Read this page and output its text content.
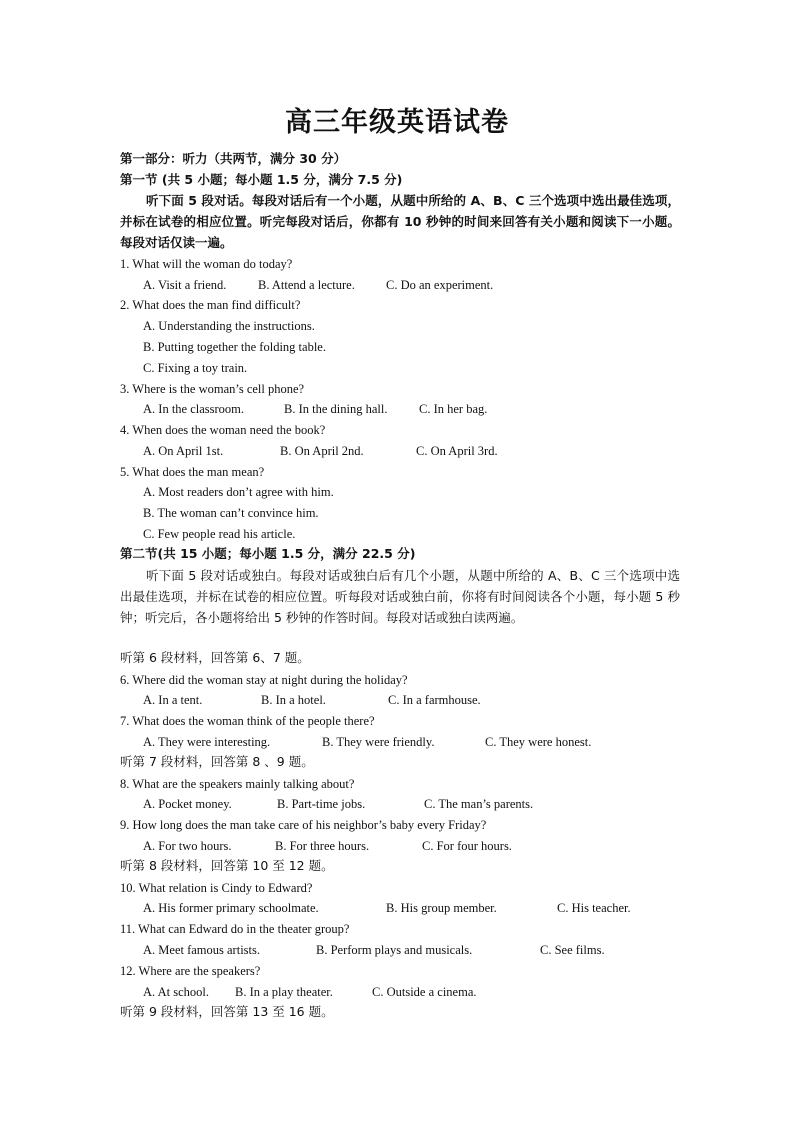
高三年级英语试卷
第一部分：听力（共两节，满分 30 分）
第一节 (共 5 小题；每小题 1.5 分，满分 7.5 分)
听下面 5 段对话。每段对话后有一个小题，从题中所给的 A、B、C 三个选项中选出最佳选项，并标在试卷的相应位置。听完每段对话后，你都有 10 秒钟的时间来回答有关小题和阅读下一小题。每段对话仅读一遍。
1. What will the woman do today?
A. Visit a friend.	B. Attend a lecture. C. Do an experiment.
2. What does the man find difficult?
A. Understanding the instructions.
B. Putting together the folding table.
C. Fixing a toy train.
3. Where is the woman’s cell phone?
A. In the classroom.	B. In the dining hall.	C. In her bag.
4. When does the woman need the book?
A. On April 1st.	B. On April 2nd.	C. On April 3rd.
5. What does the man mean?
A. Most readers don’t agree with him.
B. The woman can’t convince him.
C. Few people read his article.
第二节(共 15 小题；每小题 1.5 分，满分 22.5 分)
听下面 5 段对话或独白。每段对话或独白后有几个小题，从题中所给的 A、B、C 三个选项中选出最佳选项，并标在试卷的相应位置。听每段对话或独白前，你将有时间阅读各个小题，每小题 5 秒钟；听完后，各小题将给出 5 秒钟的作答时间。每段对话或独白读两遍。
听第 6 段材料，回答第 6、7 题。
6. Where did the woman stay at night during the holiday?
A. In a tent.	B. In a hotel.	C. In a farmhouse.
7. What does the woman think of the people there?
A. They were interesting.	B. They were friendly.	C. They were honest.
听第 7 段材料，回答第 8 、9 题。
8. What are the speakers mainly talking about?
A. Pocket money.	B. Part-time jobs.	C. The man’s parents.
9. How long does the man take care of his neighbor’s baby every Friday?
A. For two hours.	B. For three hours.	C. For four hours.
听第 8 段材料，回答第 10 至 12 题。
10. What relation is Cindy to Edward?
A. His former primary schoolmate.	B. His group member.	C. His teacher.
11. What can Edward do in the theater group?
A. Meet famous artists.	B. Perform plays and musicals.	C. See films.
12. Where are the speakers?
A. At school. B. In a play theater.	C. Outside a cinema.
听第 9 段材料，回答第 13 至 16 题。
